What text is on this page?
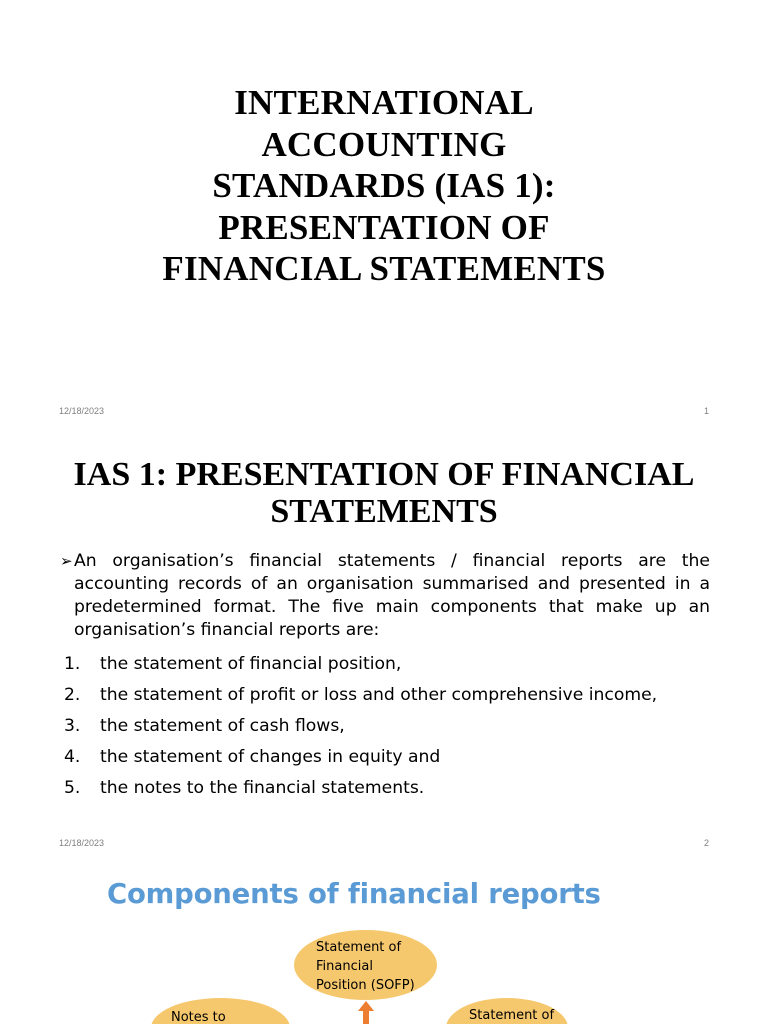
INTERNATIONAL
ACCOUNTING
STANDARDS (IAS 1):
PRESENTATION OF
FINANCIAL STATEMENTS
12/18/2023	1
IAS 1: PRESENTATION OF FINANCIAL
STATEMENTS
➢ An organisation’s financial statements / financial reports are the accounting records of an organisation summarised and presented in a predetermined format. The five main components that make up an organisation’s financial reports are:
1. the statement of financial position,
2. the statement of profit or loss and other comprehensive income,
3. the statement of cash flows,
4. the statement of changes in equity and
5. the notes to the financial statements.
12/18/2023	2
Components of financial reports
Statement of
Financial
Position (SOFP)
Notes to	Statement of
